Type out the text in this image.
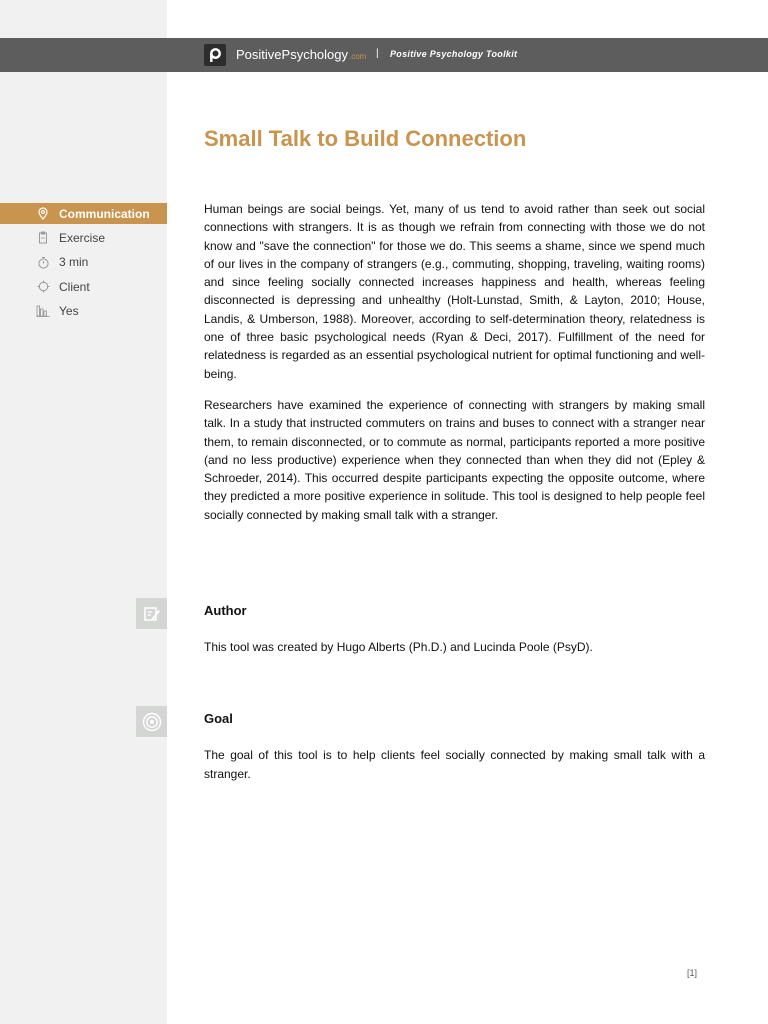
PositivePsychology.com | Positive Psychology Toolkit
Small Talk to Build Connection
Communication
Exercise
3 min
Client
Yes

Human beings are social beings. Yet, many of us tend to avoid rather than seek out social connections with strangers. It is as though we refrain from connecting with those we do not know and "save the connection" for those we do. This seems a shame, since we spend much of our lives in the company of strangers (e.g., commuting, shopping, traveling, waiting rooms) and since feeling socially connected increases happiness and health, whereas feeling disconnected is depressing and unhealthy (Holt-Lunstad, Smith, & Layton, 2010; House, Landis, & Umberson, 1988). Moreover, according to self-determination theory, relatedness is one of three basic psychological needs (Ryan & Deci, 2017). Fulfillment of the need for relatedness is regarded as an essential psychological nutrient for optimal functioning and well-being.

Researchers have examined the experience of connecting with strangers by making small talk. In a study that instructed commuters on trains and buses to connect with a stranger near them, to remain disconnected, or to commute as normal, participants reported a more positive (and no less productive) experience when they connected than when they did not (Epley & Schroeder, 2014). This occurred despite participants expecting the opposite outcome, where they predicted a more positive experience in solitude. This tool is designed to help people feel socially connected by making small talk with a stranger.

Author

This tool was created by Hugo Alberts (Ph.D.) and Lucinda Poole (PsyD).

Goal

The goal of this tool is to help clients feel socially connected by making small talk with a stranger.

[1]
